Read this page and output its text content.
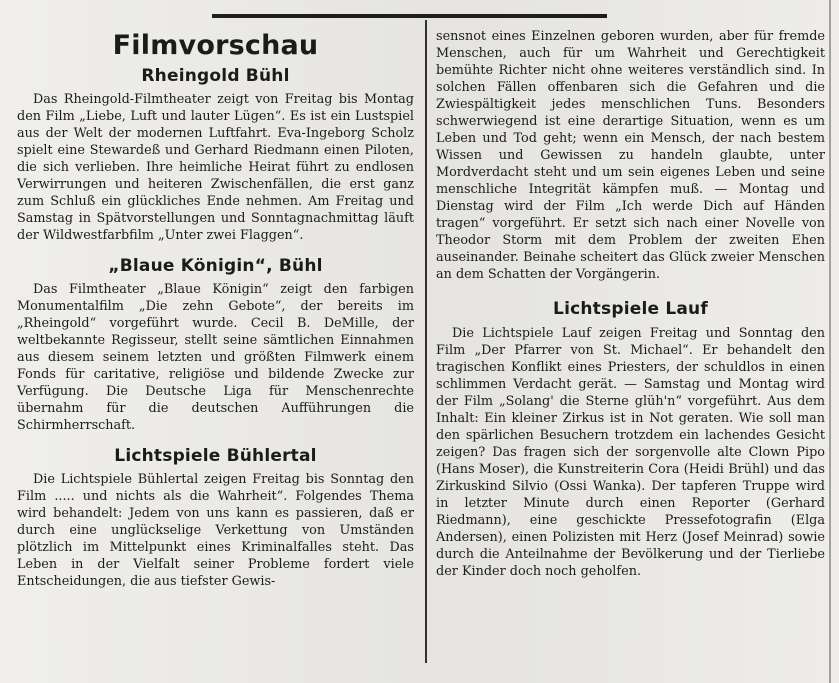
Filmvorschau
Rheingold Bühl

Das Rheingold-Filmtheater zeigt von Freitag bis Montag den Film „Liebe, Luft und lauter Lügen“. Es ist ein Lustspiel aus der Welt der modernen Luftfahrt. Eva-Ingeborg Scholz spielt eine Stewardeß und Gerhard Riedmann einen Piloten, die sich verlieben. Ihre heimliche Heirat führt zu endlosen Verwirrungen und heiteren Zwischenfällen, die erst ganz zum Schluß ein glückliches Ende nehmen. Am Freitag und Samstag in Spätvorstellungen und Sonntagnachmittag läuft der Wildwestfarbfilm „Unter zwei Flaggen“.

„Blaue Königin“, Bühl

Das Filmtheater „Blaue Königin“ zeigt den farbigen Monumentalfilm „Die zehn Gebote“, der bereits im „Rheingold“ vorgeführt wurde. Cecil B. DeMille, der weltbekannte Regisseur, stellt seine sämtlichen Einnahmen aus diesem seinem letzten und größten Filmwerk einem Fonds für caritative, religiöse und bildende Zwecke zur Verfügung. Die Deutsche Liga für Menschenrechte übernahm für die deutschen Aufführungen die Schirmherrschaft.

Lichtspiele Bühlertal

Die Lichtspiele Bühlertal zeigen Freitag bis Sonntag den Film ..... und nichts als die Wahrheit“. Folgendes Thema wird behandelt: Jedem von uns kann es passieren, daß er durch eine unglückselige Verkettung von Umständen plötzlich im Mittelpunkt eines Kriminalfalles steht. Das Leben in der Vielfalt seiner Probleme fordert viele Entscheidungen, die aus tiefster Gewis-

sensnot eines Einzelnen geboren wurden, aber für fremde Menschen, auch für um Wahrheit und Gerechtigkeit bemühte Richter nicht ohne weiteres verständlich sind. In solchen Fällen offenbaren sich die Gefahren und die Zwiespältigkeit jedes menschlichen Tuns. Besonders schwerwiegend ist eine derartige Situation, wenn es um Leben und Tod geht; wenn ein Mensch, der nach bestem Wissen und Gewissen zu handeln glaubte, unter Mordverdacht steht und um sein eigenes Leben und seine menschliche Integrität kämpfen muß. — Montag und Dienstag wird der Film „Ich werde Dich auf Händen tragen“ vorgeführt. Er setzt sich nach einer Novelle von Theodor Storm mit dem Problem der zweiten Ehen auseinander. Beinahe scheitert das Glück zweier Menschen an dem Schatten der Vorgängerin.

Lichtspiele Lauf

Die Lichtspiele Lauf zeigen Freitag und Sonntag den Film „Der Pfarrer von St. Michael“. Er behandelt den tragischen Konflikt eines Priesters, der schuldlos in einen schlimmen Verdacht gerät. — Samstag und Montag wird der Film „Solang' die Sterne glüh'n“ vorgeführt. Aus dem Inhalt: Ein kleiner Zirkus ist in Not geraten. Wie soll man den spärlichen Besuchern trotzdem ein lachendes Gesicht zeigen? Das fragen sich der sorgenvolle alte Clown Pipo (Hans Moser), die Kunstreiterin Cora (Heidi Brühl) und das Zirkuskind Silvio (Ossi Wanka). Der tapferen Truppe wird in letzter Minute durch einen Reporter (Gerhard Riedmann), eine geschickte Pressefotografin (Elga Andersen), einen Polizisten mit Herz (Josef Meinrad) sowie durch die Anteilnahme der Bevölkerung und der Tierliebe der Kinder doch noch geholfen.
